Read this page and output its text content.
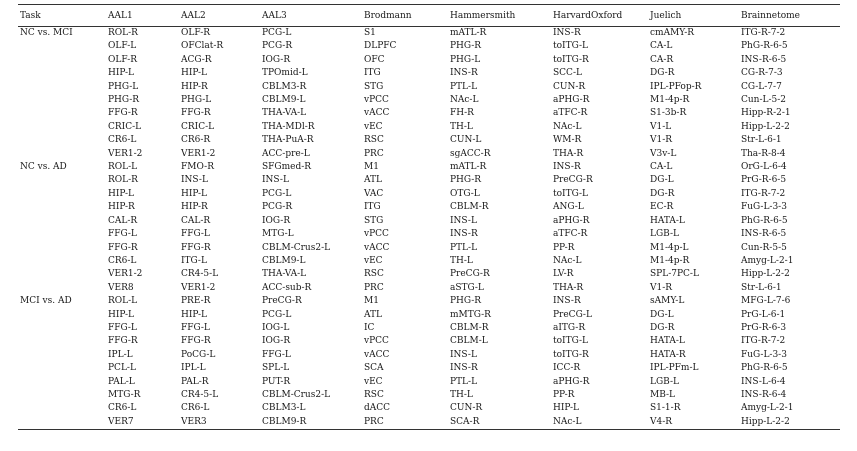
Task	AAL1	AAL2	AAL3	Brodmann	Hammersmith	HarvardOxford	Juelich	Brainnetome
NC vs. MCI	ROL-R	OLF-R	PCG-L	S1	mATL-R	INS-R	cmAMY-R	ITG-R-7-2
	OLF-L	OFClat-R	PCG-R	DLPFC	PHG-R	toITG-L	CA-L	PhG-R-6-5
	OLF-R	ACG-R	IOG-R	OFC	PHG-L	toITG-R	CA-R	INS-R-6-5
	HIP-L	HIP-L	TPOmid-L	ITG	INS-R	SCC-L	DG-R	CG-R-7-3
	PHG-L	HIP-R	CBLM3-R	STG	PTL-L	CUN-R	IPL-PFop-R	CG-L-7-7
	PHG-R	PHG-L	CBLM9-L	vPCC	NAc-L	aPHG-R	M1-4p-R	Cun-L-5-2
	FFG-R	FFG-R	THA-VA-L	vACC	FH-R	aTFC-R	S1-3b-R	Hipp-R-2-1
	CRIC-L	CRIC-L	THA-MDl-R	vEC	TH-L	NAc-L	V1-L	Hipp-L-2-2
	CR6-L	CR6-R	THA-PuA-R	RSC	CUN-L	WM-R	V1-R	Str-L-6-1
	VER1-2	VER1-2	ACC-pre-L	PRC	sgACC-R	THA-R	V3v-L	Tha-R-8-4
NC vs. AD	ROL-L	FMO-R	SFGmed-R	M1	mATL-R	INS-R	CA-L	OrG-L-6-4
	ROL-R	INS-L	INS-L	ATL	PHG-R	PreCG-R	DG-L	PrG-R-6-5
	HIP-L	HIP-L	PCG-L	VAC	OTG-L	toITG-L	DG-R	ITG-R-7-2
	HIP-R	HIP-R	PCG-R	ITG	CBLM-R	ANG-L	EC-R	FuG-L-3-3
	CAL-R	CAL-R	IOG-R	STG	INS-L	aPHG-R	HATA-L	PhG-R-6-5
	FFG-L	FFG-L	MTG-L	vPCC	INS-R	aTFC-R	LGB-L	INS-R-6-5
	FFG-R	FFG-R	CBLM-Crus2-L	vACC	PTL-L	PP-R	M1-4p-L	Cun-R-5-5
	CR6-L	ITG-L	CBLM9-L	vEC	TH-L	NAc-L	M1-4p-R	Amyg-L-2-1
	VER1-2	CR4-5-L	THA-VA-L	RSC	PreCG-R	LV-R	SPL-7PC-L	Hipp-L-2-2
	VER8	VER1-2	ACC-sub-R	PRC	aSTG-L	THA-R	V1-R	Str-L-6-1
MCI vs. AD	ROL-L	PRE-R	PreCG-R	M1	PHG-R	INS-R	sAMY-L	MFG-L-7-6
	HIP-L	HIP-L	PCG-L	ATL	mMTG-R	PreCG-L	DG-L	PrG-L-6-1
	FFG-L	FFG-L	IOG-L	IC	CBLM-R	aITG-R	DG-R	PrG-R-6-3
	FFG-R	FFG-R	IOG-R	vPCC	CBLM-L	toITG-L	HATA-L	ITG-R-7-2
	IPL-L	PoCG-L	FFG-L	vACC	INS-L	toITG-R	HATA-R	FuG-L-3-3
	PCL-L	IPL-L	SPL-L	SCA	INS-R	ICC-R	IPL-PFm-L	PhG-R-6-5
	PAL-L	PAL-R	PUT-R	vEC	PTL-L	aPHG-R	LGB-L	INS-L-6-4
	MTG-R	CR4-5-L	CBLM-Crus2-L	RSC	TH-L	PP-R	MB-L	INS-R-6-4
	CR6-L	CR6-L	CBLM3-L	dACC	CUN-R	HIP-L	S1-1-R	Amyg-L-2-1
	VER7	VER3	CBLM9-R	PRC	SCA-R	NAc-L	V4-R	Hipp-L-2-2
